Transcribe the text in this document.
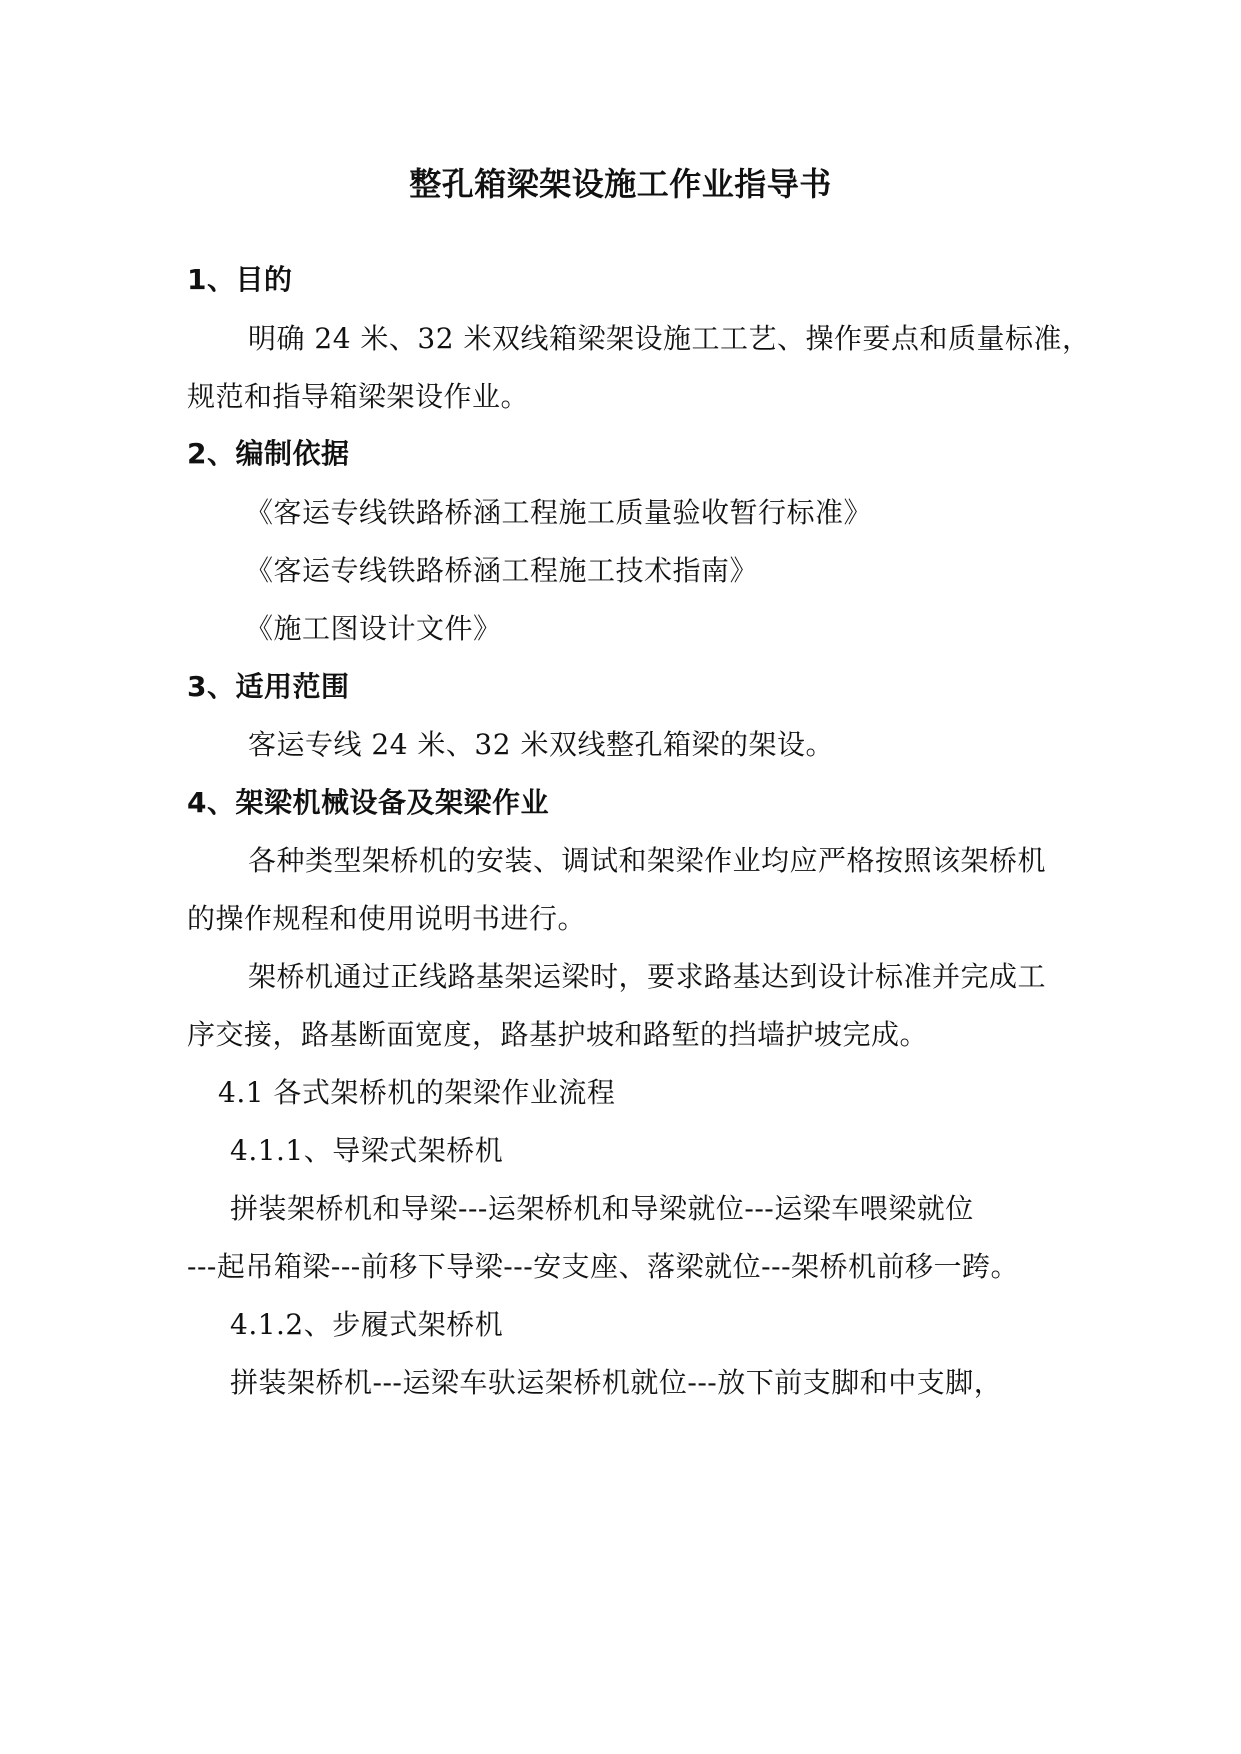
整孔箱梁架设施工作业指导书
1、目的
明确 24 米、32 米双线箱梁架设施工工艺、操作要点和质量标准，
规范和指导箱梁架设作业。
2、编制依据
《客运专线铁路桥涵工程施工质量验收暂行标准》
《客运专线铁路桥涵工程施工技术指南》
《施工图设计文件》
3、适用范围
客运专线 24 米、32 米双线整孔箱梁的架设。
4、架梁机械设备及架梁作业
各种类型架桥机的安装、调试和架梁作业均应严格按照该架桥机
的操作规程和使用说明书进行。
架桥机通过正线路基架运梁时，要求路基达到设计标准并完成工
序交接，路基断面宽度，路基护坡和路堑的挡墙护坡完成。
4.1 各式架桥机的架梁作业流程
4.1.1、导梁式架桥机
拼装架桥机和导梁---运架桥机和导梁就位---运梁车喂梁就位
---起吊箱梁---前移下导梁---安支座、落梁就位---架桥机前移一跨。
4.1.2、步履式架桥机
拼装架桥机---运梁车驮运架桥机就位---放下前支脚和中支脚，
